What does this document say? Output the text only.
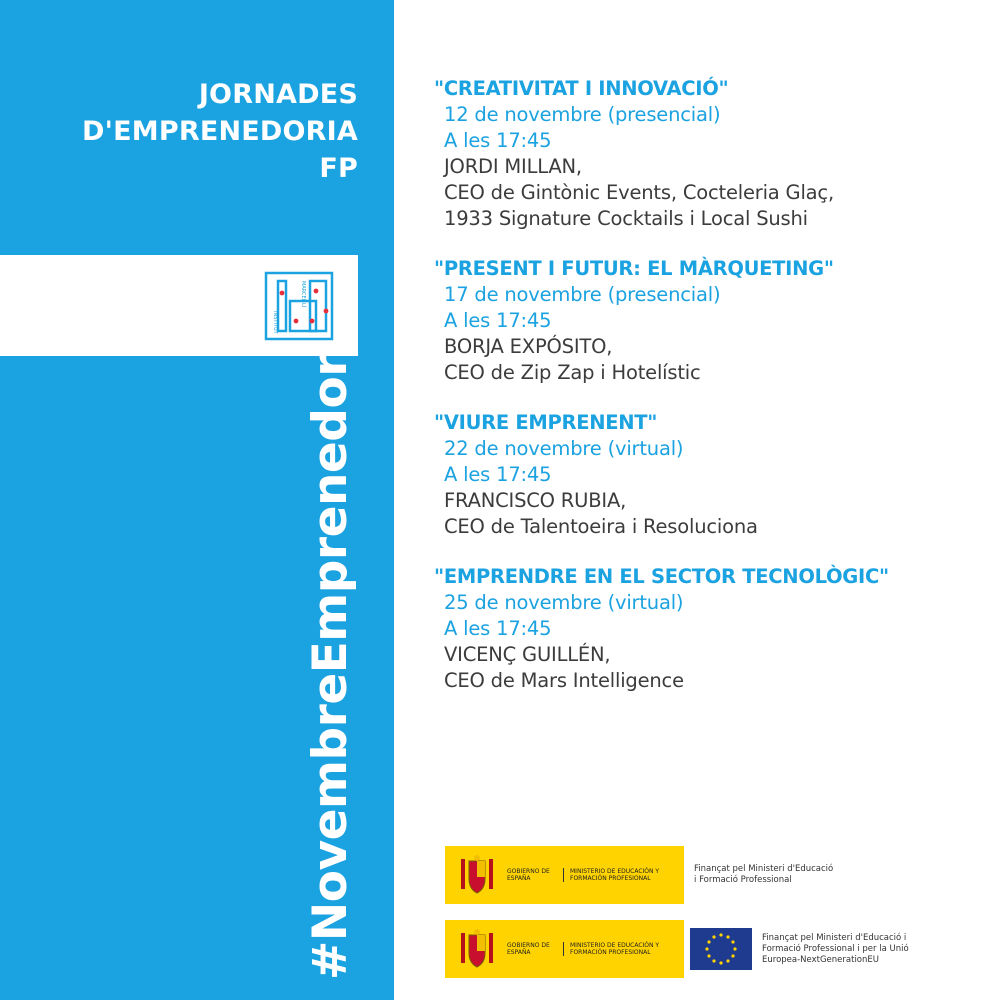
JORNADES
D'EMPRENEDORIA
FP
INSTITUT
MARCEL·LÍ
#NovembreEmprenedor
"CREATIVITAT I INNOVACIÓ"
12 de novembre (presencial)
A les 17:45
JORDI MILLAN,
CEO de Gintònic Events, Cocteleria Glaç,
1933 Signature Cocktails i Local Sushi
"PRESENT I FUTUR: EL MÀRQUETING"
17 de novembre (presencial)
A les 17:45
BORJA EXPÓSITO,
CEO de Zip Zap i Hotelístic
"VIURE EMPRENENT"
22 de novembre (virtual)
A les 17:45
FRANCISCO RUBIA,
CEO de Talentoeira i Resoluciona
"EMPRENDRE EN EL SECTOR TECNOLÒGIC"
25 de novembre (virtual)
A les 17:45
VICENÇ GUILLÉN,
CEO de Mars Intelligence
GOBIERNO DE ESPAÑA
MINISTERIO DE EDUCACIÓN Y FORMACIÓN PROFESIONAL
Finançat pel Ministeri d'Educació
i Formació Professional
GOBIERNO DE ESPAÑA
MINISTERIO DE EDUCACIÓN Y FORMACIÓN PROFESIONAL
Finançat pel Ministeri d'Educació i
Formació Professional i per la Unió
Europea-NextGenerationEU
